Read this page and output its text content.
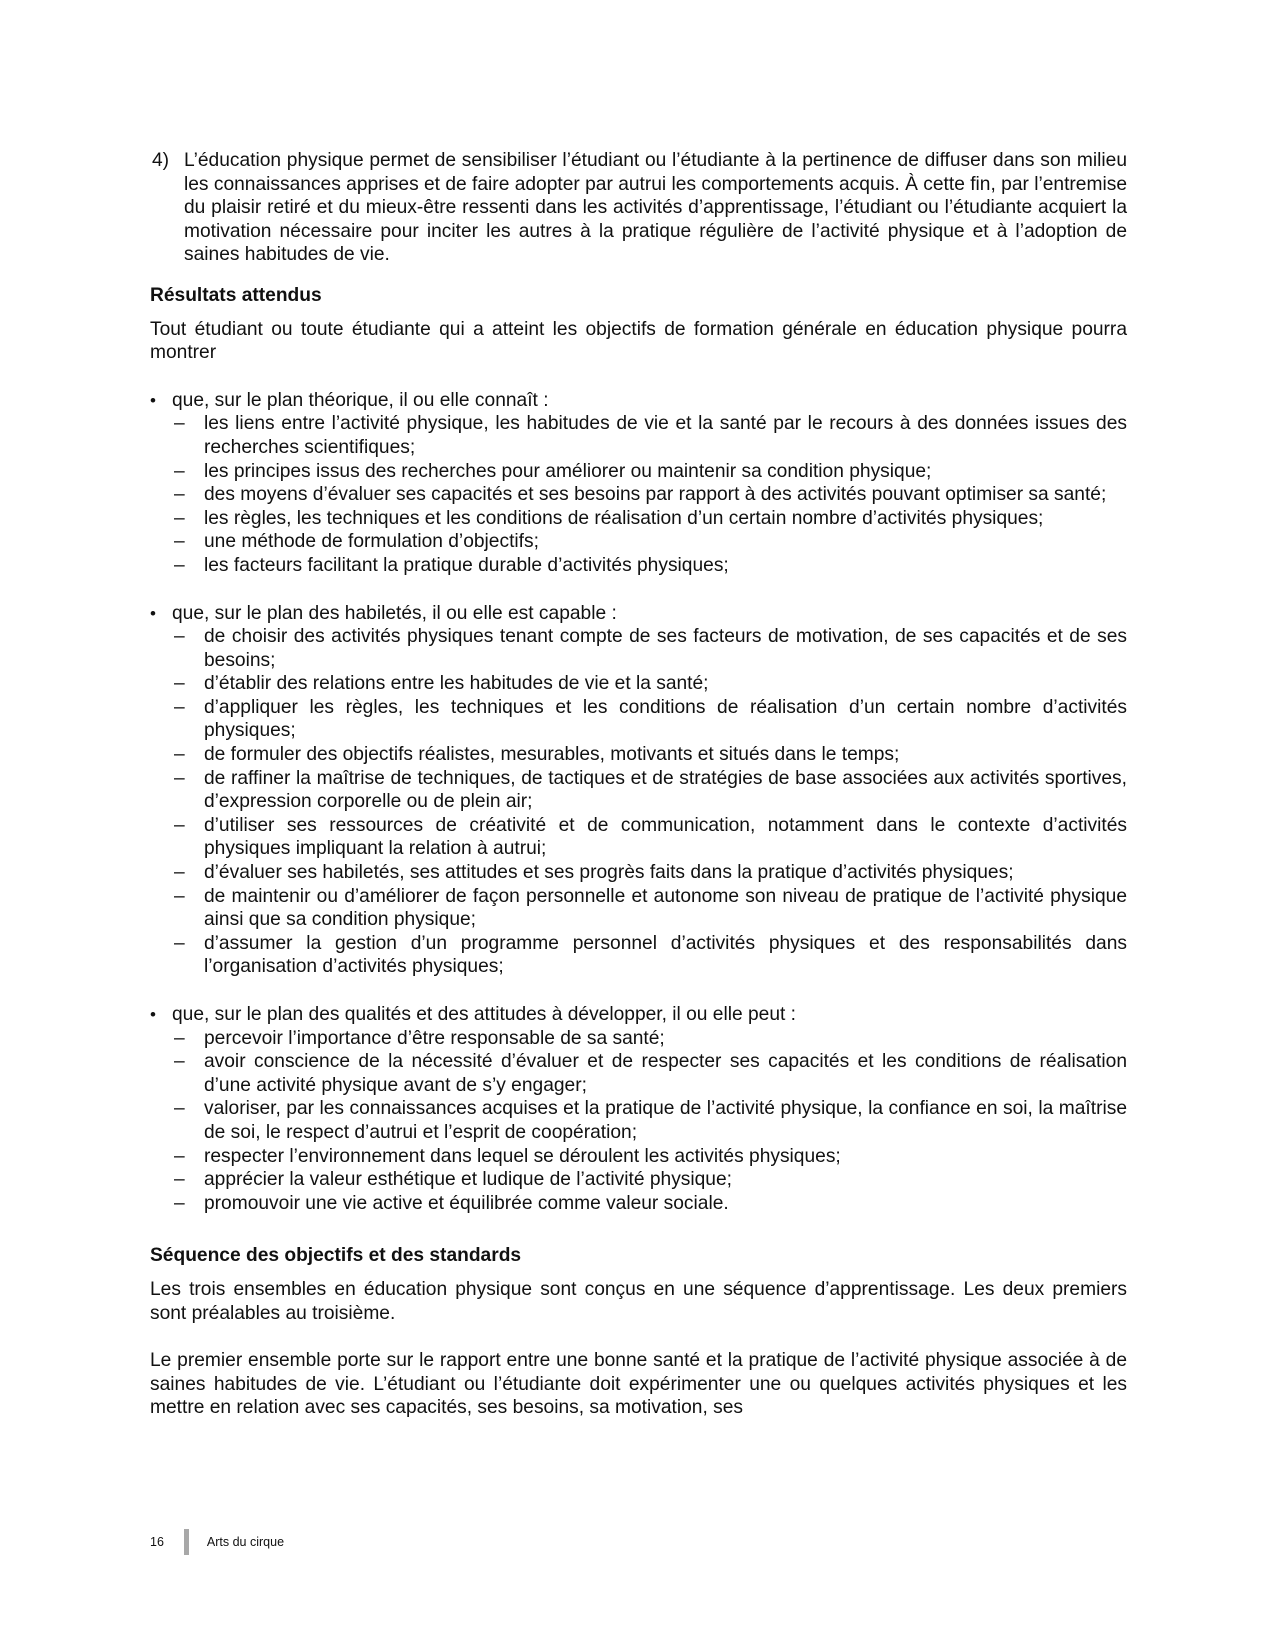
4) L’éducation physique permet de sensibiliser l’étudiant ou l’étudiante à la pertinence de diffuser dans son milieu les connaissances apprises et de faire adopter par autrui les comportements acquis. À cette fin, par l’entremise du plaisir retiré et du mieux-être ressenti dans les activités d’apprentissage, l’étudiant ou l’étudiante acquiert la motivation nécessaire pour inciter les autres à la pratique régulière de l’activité physique et à l’adoption de saines habitudes de vie.
Résultats attendus

Tout étudiant ou toute étudiante qui a atteint les objectifs de formation générale en éducation physique pourra montrer

• que, sur le plan théorique, il ou elle connaît :
–	les liens entre l’activité physique, les habitudes de vie et la santé par le recours à des données issues des recherches scientifiques;
–	les principes issus des recherches pour améliorer ou maintenir sa condition physique;
–	des moyens d’évaluer ses capacités et ses besoins par rapport à des activités pouvant optimiser sa santé;
–	les règles, les techniques et les conditions de réalisation d’un certain nombre d’activités physiques;
–	une méthode de formulation d’objectifs;
–	les facteurs facilitant la pratique durable d’activités physiques;
• que, sur le plan des habiletés, il ou elle est capable :
–	de choisir des activités physiques tenant compte de ses facteurs de motivation, de ses capacités et de ses besoins;
–	d’établir des relations entre les habitudes de vie et la santé;
–	d’appliquer les règles, les techniques et les conditions de réalisation d’un certain nombre d’activités physiques;
–	de formuler des objectifs réalistes, mesurables, motivants et situés dans le temps;
–	de raffiner la maîtrise de techniques, de tactiques et de stratégies de base associées aux activités sportives, d’expression corporelle ou de plein air;
–	d’utiliser ses ressources de créativité et de communication, notamment dans le contexte d’activités physiques impliquant la relation à autrui;
–	d’évaluer ses habiletés, ses attitudes et ses progrès faits dans la pratique d’activités physiques;
–	de maintenir ou d’améliorer de façon personnelle et autonome son niveau de pratique de l’activité physique ainsi que sa condition physique;
–	d’assumer la gestion d’un programme personnel d’activités physiques et des responsabilités dans l’organisation d’activités physiques;
• que, sur le plan des qualités et des attitudes à développer, il ou elle peut :
–	percevoir l’importance d’être responsable de sa santé;
–	avoir conscience de la nécessité d’évaluer et de respecter ses capacités et les conditions de réalisation d’une activité physique avant de s’y engager;
–	valoriser, par les connaissances acquises et la pratique de l’activité physique, la confiance en soi, la maîtrise de soi, le respect d’autrui et l’esprit de coopération;
–	respecter l’environnement dans lequel se déroulent les activités physiques;
–	apprécier la valeur esthétique et ludique de l’activité physique;
–	promouvoir une vie active et équilibrée comme valeur sociale.
Séquence des objectifs et des standards

Les trois ensembles en éducation physique sont conçus en une séquence d’apprentissage. Les deux premiers sont préalables au troisième.

Le premier ensemble porte sur le rapport entre une bonne santé et la pratique de l’activité physique associée à de saines habitudes de vie. L’étudiant ou l’étudiante doit expérimenter une ou quelques activités physiques et les mettre en relation avec ses capacités, ses besoins, sa motivation, ses

16	Arts du cirque
